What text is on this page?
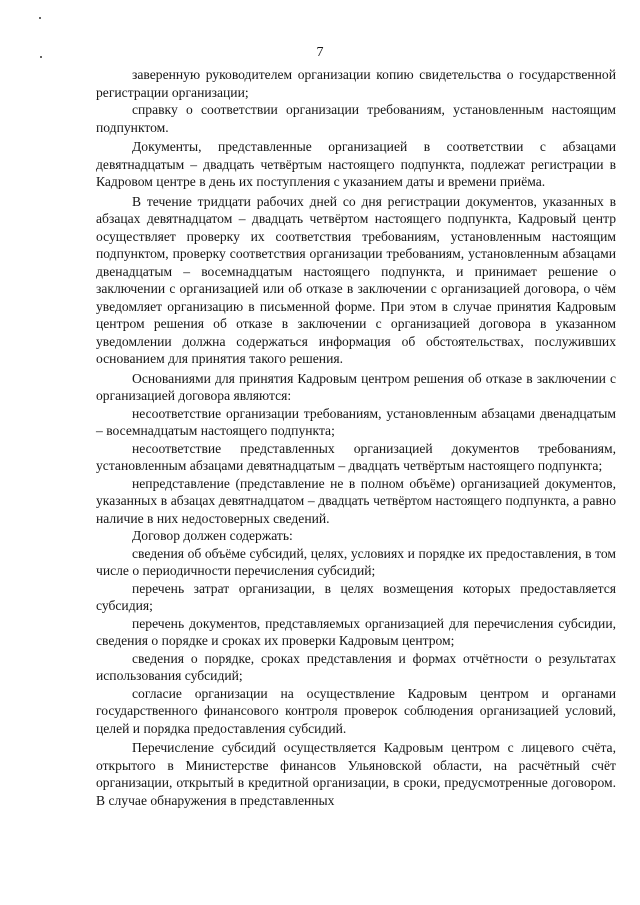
7

заверенную руководителем организации копию свидетельства о государственной регистрации организации;

справку о соответствии организации требованиям, установленным настоящим подпунктом.

Документы, представленные организацией в соответствии с абзацами девятнадцатым – двадцать четвёртым настоящего подпункта, подлежат регистрации в Кадровом центре в день их поступления с указанием даты и времени приёма.

В течение тридцати рабочих дней со дня регистрации документов, указанных в абзацах девятнадцатом – двадцать четвёртом настоящего подпункта, Кадровый центр осуществляет проверку их соответствия требованиям, установленным настоящим подпунктом, проверку соответствия организации требованиям, установленным абзацами двенадцатым – восемнадцатым настоящего подпункта, и принимает решение о заключении с организацией или об отказе в заключении с организацией договора, о чём уведомляет организацию в письменной форме. При этом в случае принятия Кадровым центром решения об отказе в заключении с организацией договора в указанном уведомлении должна содержаться информация об обстоятельствах, послуживших основанием для принятия такого решения.

Основаниями для принятия Кадровым центром решения об отказе в заключении с организацией договора являются:

несоответствие организации требованиям, установленным абзацами двенадцатым – восемнадцатым настоящего подпункта;

несоответствие представленных организацией документов требованиям, установленным абзацами девятнадцатым – двадцать четвёртым настоящего подпункта;

непредставление (представление не в полном объёме) организацией документов, указанных в абзацах девятнадцатом – двадцать четвёртом настоящего подпункта, а равно наличие в них недостоверных сведений.

Договор должен содержать:

сведения об объёме субсидий, целях, условиях и порядке их предоставления, в том числе о периодичности перечисления субсидий;

перечень затрат организации, в целях возмещения которых предоставляется субсидия;

перечень документов, представляемых организацией для перечисления субсидии, сведения о порядке и сроках их проверки Кадровым центром;

сведения о порядке, сроках представления и формах отчётности о результатах использования субсидий;

согласие организации на осуществление Кадровым центром и органами государственного финансового контроля проверок соблюдения организацией условий, целей и порядка предоставления субсидий.

Перечисление субсидий осуществляется Кадровым центром с лицевого счёта, открытого в Министерстве финансов Ульяновской области, на расчётный счёт организации, открытый в кредитной организации, в сроки, предусмотренные договором. В случае обнаружения в представленных
